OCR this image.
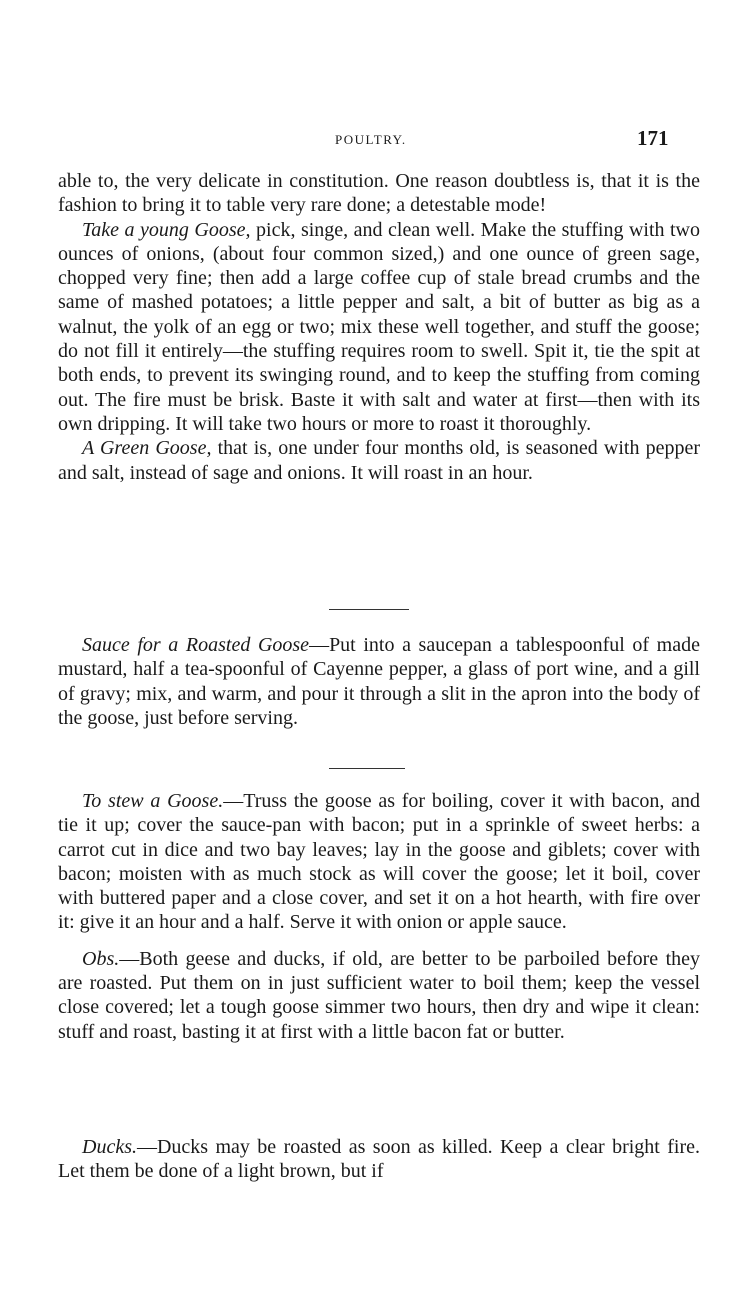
POULTRY.	171

able to, the very delicate in constitution. One reason doubtless is, that it is the fashion to bring it to table very rare done; a detestable mode!

Take a young Goose, pick, singe, and clean well. Make the stuffing with two ounces of onions, (about four common sized,) and one ounce of green sage, chopped very fine; then add a large coffee cup of stale bread crumbs and the same of mashed potatoes; a little pepper and salt, a bit of butter as big as a walnut, the yolk of an egg or two; mix these well together, and stuff the goose; do not fill it entirely—the stuffing requires room to swell. Spit it, tie the spit at both ends, to prevent its swinging round, and to keep the stuffing from coming out. The fire must be brisk. Baste it with salt and water at first—then with its own dripping. It will take two hours or more to roast it thoroughly.

A Green Goose, that is, one under four months old, is seasoned with pepper and salt, instead of sage and onions. It will roast in an hour.

Sauce for a Roasted Goose—Put into a saucepan a tablespoonful of made mustard, half a tea-spoonful of Cayenne pepper, a glass of port wine, and a gill of gravy; mix, and warm, and pour it through a slit in the apron into the body of the goose, just before serving.

To stew a Goose.—Truss the goose as for boiling, cover it with bacon, and tie it up; cover the sauce-pan with bacon; put in a sprinkle of sweet herbs: a carrot cut in dice and two bay leaves; lay in the goose and giblets; cover with bacon; moisten with as much stock as will cover the goose; let it boil, cover with buttered paper and a close cover, and set it on a hot hearth, with fire over it: give it an hour and a half. Serve it with onion or apple sauce.

Obs.—Both geese and ducks, if old, are better to be parboiled before they are roasted. Put them on in just sufficient water to boil them; keep the vessel close covered; let a tough goose simmer two hours, then dry and wipe it clean: stuff and roast, basting it at first with a little bacon fat or butter.

Ducks.—Ducks may be roasted as soon as killed. Keep a clear bright fire. Let them be done of a light brown, but if
